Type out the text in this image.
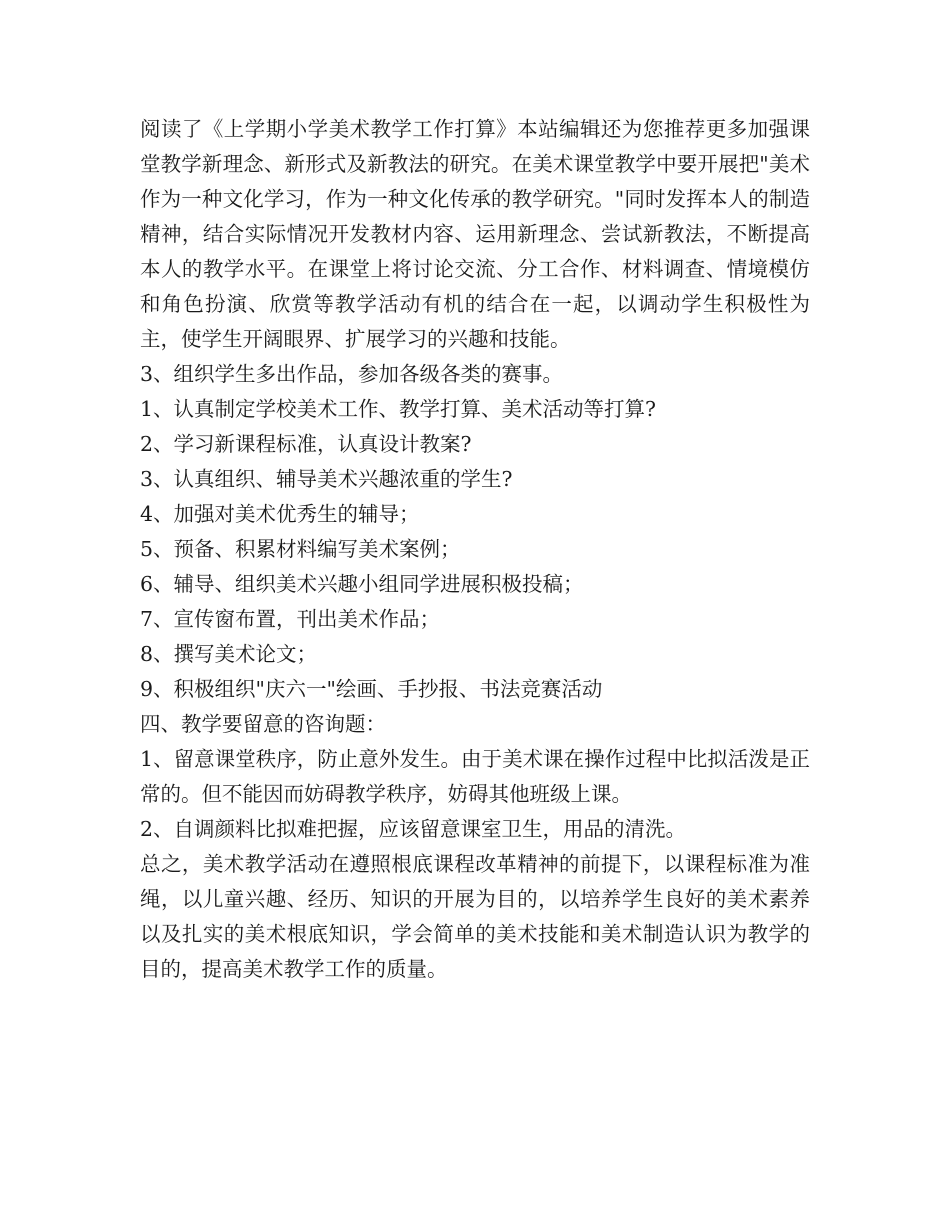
阅读了《上学期小学美术教学工作打算》本站编辑还为您推荐更多加强课堂教学新理念、新形式及新教法的研究。在美术课堂教学中要开展把"美术作为一种文化学习，作为一种文化传承的教学研究。"同时发挥本人的制造精神，结合实际情况开发教材内容、运用新理念、尝试新教法，不断提高本人的教学水平。在课堂上将讨论交流、分工合作、材料调查、情境模仿和角色扮演、欣赏等教学活动有机的结合在一起，以调动学生积极性为主，使学生开阔眼界、扩展学习的兴趣和技能。

3、组织学生多出作品，参加各级各类的赛事。

1、认真制定学校美术工作、教学打算、美术活动等打算?

2、学习新课程标准，认真设计教案?

3、认真组织、辅导美术兴趣浓重的学生?

4、加强对美术优秀生的辅导；

5、预备、积累材料编写美术案例；

6、辅导、组织美术兴趣小组同学进展积极投稿；

7、宣传窗布置，刊出美术作品；

8、撰写美术论文；

9、积极组织"庆六一"绘画、手抄报、书法竞赛活动

四、教学要留意的咨询题：

1、留意课堂秩序，防止意外发生。由于美术课在操作过程中比拟活泼是正常的。但不能因而妨碍教学秩序，妨碍其他班级上课。

2、自调颜料比拟难把握，应该留意课室卫生，用品的清洗。

总之，美术教学活动在遵照根底课程改革精神的前提下，以课程标准为准绳，以儿童兴趣、经历、知识的开展为目的，以培养学生良好的美术素养以及扎实的美术根底知识，学会简单的美术技能和美术制造认识为教学的目的，提高美术教学工作的质量。
